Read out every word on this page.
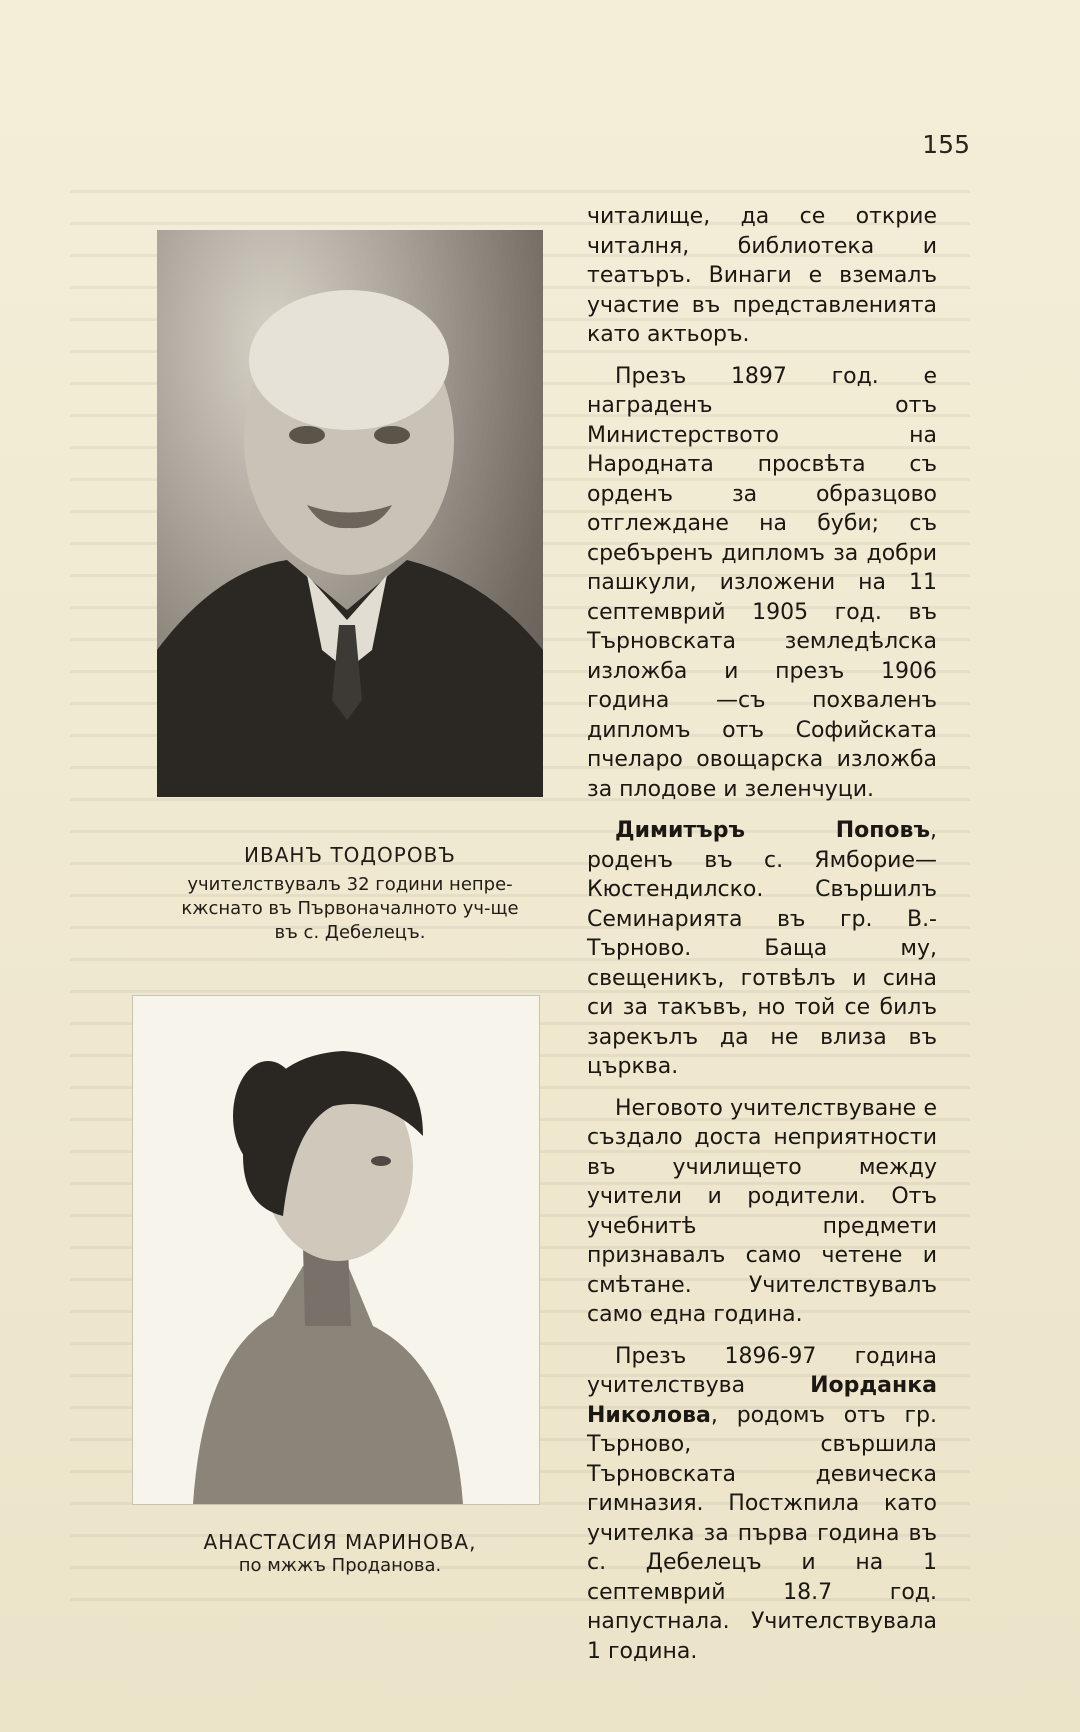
155
ИВАНЪ ТОДОРОВЪ
учителствувалъ 32 години непре-
кжснато въ Първоначалното уч-ще
въ с. Дебелецъ.
АНАСТАСИЯ МАРИНОВА,
по мжжъ Проданова.

читалище, да се открие читалня, библиотека и театъръ. Винаги е вземалъ участие въ представленията като актьоръ.

Презъ 1897 год. е награденъ отъ Министерството на Народната просвѣта съ орденъ за образцово отглеждане на буби; съ сребъренъ дипломъ за добри пашкули, изложени на 11 септемврий 1905 год. въ Търновската земледѣлска изложба и презъ 1906 година —съ похваленъ дипломъ отъ Софийската пчеларо овощарска изложба за плодове и зеленчуци.

Димитъръ Поповъ, роденъ въ с. Ямборие—Кюстендилско. Свършилъ Семинарията въ гр. В.-Търново. Баща му, свещеникъ, готвѣлъ и сина си за такъвъ, но той се билъ зарекълъ да не влиза въ църква.

Неговото учителствуване е създало доста неприятности въ училището между учители и родители. Отъ учебнитѣ предмети признавалъ само четене и смѣтане. Учителствувалъ само една година.

Презъ 1896-97 година учителствува Иорданка Николова, родомъ отъ гр. Търново, свършила Търновската девическа гимназия. Постжпила като учителка за първа година въ с. Дебелецъ и на 1 септемврий 18.7 год. напустнала. Учителствувала 1 година.
